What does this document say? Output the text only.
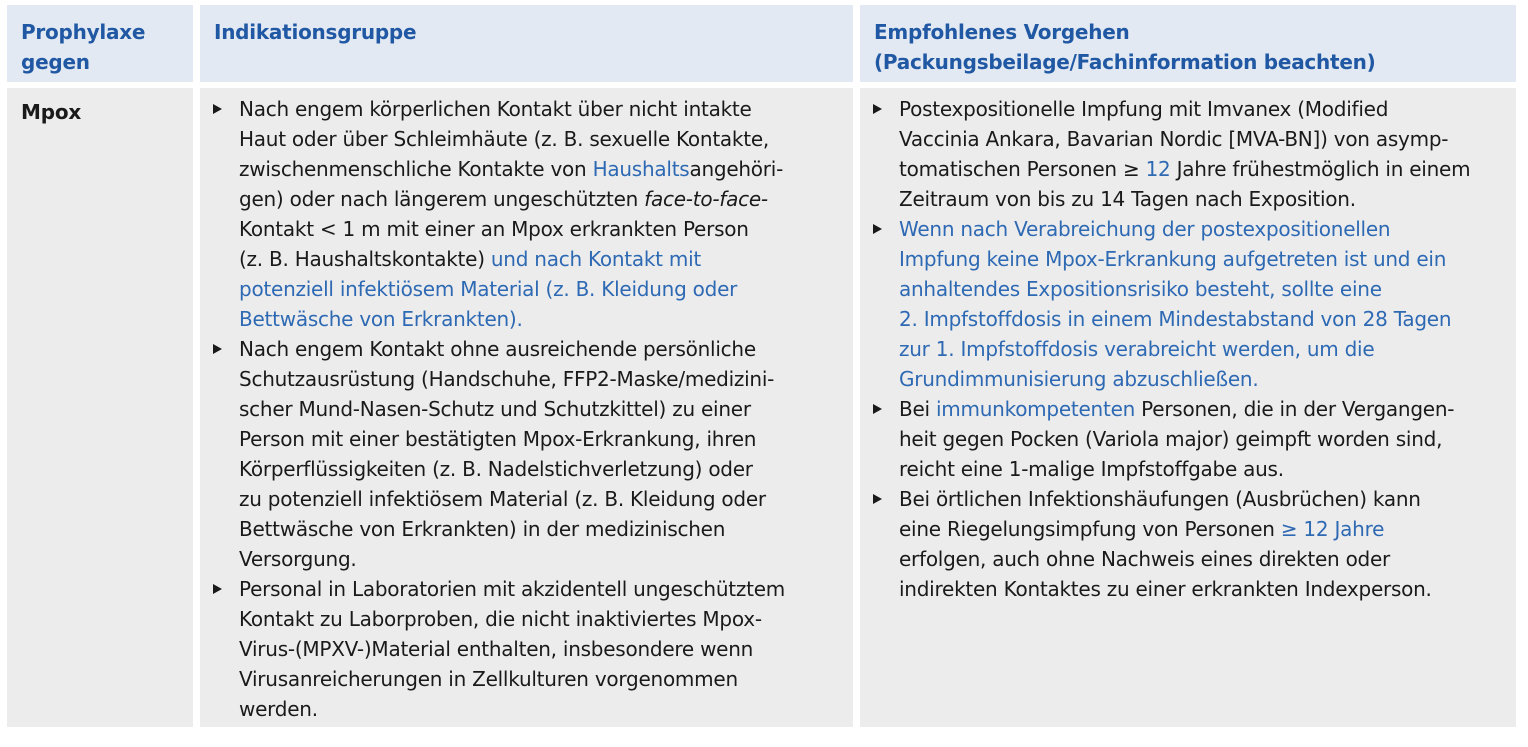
Prophylaxe
gegen
Indikationsgruppe	Empfohlenes Vorgehen
(Packungsbeilage/Fachinformation beachten)
Mpox	Nach engem körperlichen Kontakt über nicht intakte
Haut oder über Schleimhäute (z. B. sexuelle Kontakte,
zwischenmenschliche Kontakte von Haushaltsangehöri-
gen) oder nach längerem ungeschützten face-to-face-
Kontakt < 1 m mit einer an Mpox erkrankten Person
(z. B. Haushaltskontakte) und nach Kontakt mit
potenziell infektiösem Material (z. B. Kleidung oder
Bettwäsche von Erkrankten).
Nach engem Kontakt ohne ausreichende persönliche
Schutzausrüstung (Handschuhe, FFP2-Maske/medizini-
scher Mund-Nasen-Schutz und Schutzkittel) zu einer
Person mit einer bestätigten Mpox-Erkrankung, ihren
Körperflüssigkeiten (z. B. Nadelstichverletzung) oder
zu potenziell infektiösem Material (z. B. Kleidung oder
Bettwäsche von Erkrankten) in der medizinischen
Versorgung.
Personal in Laboratorien mit akzidentell ungeschütztem
Kontakt zu Laborproben, die nicht inaktiviertes Mpox-
Virus-(MPXV-)Material enthalten, insbesondere wenn
Virusanreicherungen in Zellkulturen vorgenommen
werden.
Postexpositionelle Impfung mit Imvanex (Modified
Vaccinia Ankara, Bavarian Nordic [MVA-BN]) von asymp-
tomatischen Personen ≥ 12 Jahre frühestmöglich in einem
Zeitraum von bis zu 14 Tagen nach Exposition.
Wenn nach Verabreichung der postexpositionellen
Impfung keine Mpox-Erkrankung aufgetreten ist und ein
anhaltendes Expositionsrisiko besteht, sollte eine
2. Impfstoffdosis in einem Mindestabstand von 28 Tagen
zur 1. Impfstoffdosis verabreicht werden, um die
Grundimmunisierung abzuschließen.
Bei immunkompetenten Personen, die in der Vergangen-
heit gegen Pocken (Variola major) geimpft worden sind,
reicht eine 1-malige Impfstoffgabe aus.
Bei örtlichen Infektionshäufungen (Ausbrüchen) kann
eine Riegelungsimpfung von Personen ≥ 12 Jahre
erfolgen, auch ohne Nachweis eines direkten oder
indirekten Kontaktes zu einer erkrankten Indexperson.
